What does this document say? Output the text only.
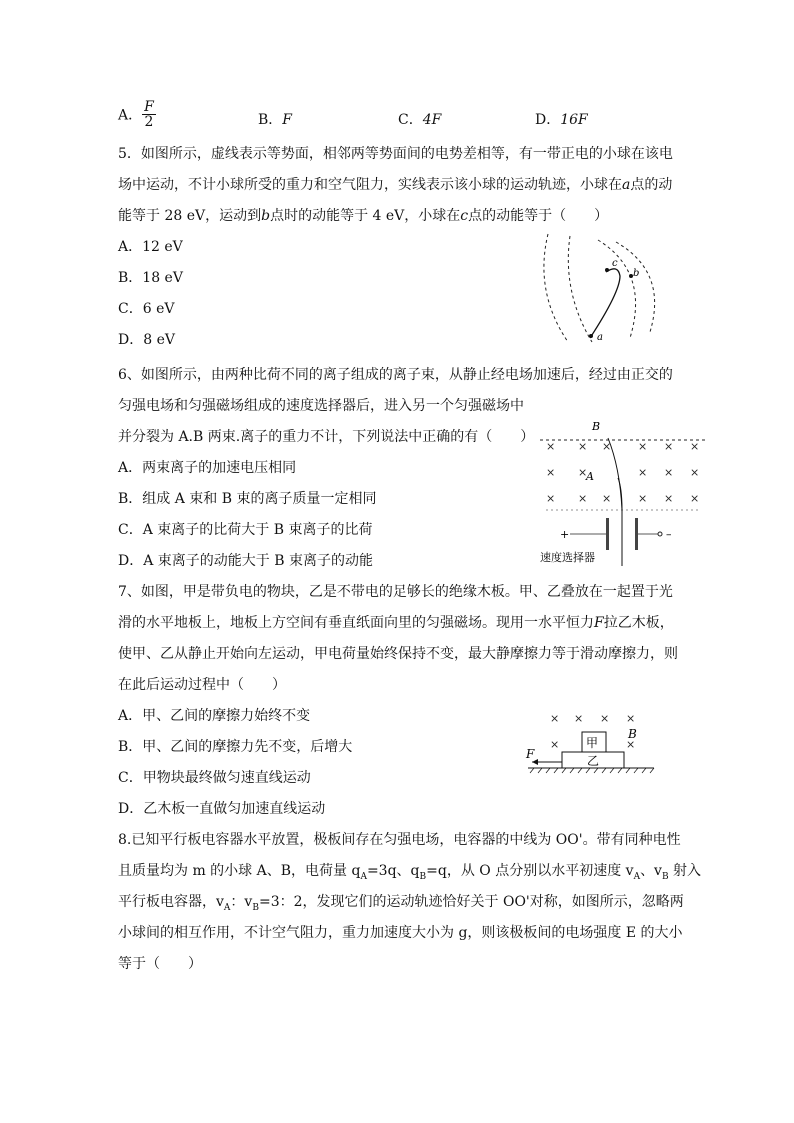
A． $\frac{F}{2}$	B．F	C．4F	D．16F
5．如图所示，虚线表示等势面，相邻两等势面间的电势差相等，有一带正电的小球在该电
场中运动，不计小球所受的重力和空气阻力，实线表示该小球的运动轨迹，小球在a点的动
能等于 28 eV，运动到b点时的动能等于 4 eV，小球在c点的动能等于（　　）
A．12 eV
B．18 eV
C．6 eV
D．8 eV	a
b
c
6、如图所示，由两种比荷不同的离子组成的离子束，从静止经电场加速后，经过由正交的
匀强电场和匀强磁场组成的速度选择器后，进入另一个匀强磁场中
并分裂为 A.B 两束.离子的重力不计，下列说法中正确的有（　　）
A．两束离子的加速电压相同
B．组成 A 束和 B 束的离子质量一定相同
C．A 束离子的比荷大于 B 束离子的比荷
D．A 束离子的动能大于 B 束离子的动能
B
× × × × × ×
× ×	× × ×
× × × × × ×
A
+	–
速度选择器
7、如图，甲是带负电的物块，乙是不带电的足够长的绝缘木板。甲、乙叠放在一起置于光
滑的水平地板上，地板上方空间有垂直纸面向里的匀强磁场。现用一水平恒力F拉乙木板，
使甲、乙从静止开始向左运动，甲电荷量始终保持不变，最大静摩擦力等于滑动摩擦力，则
在此后运动过程中（　　）
A．甲、乙间的摩擦力始终不变
B．甲、乙间的摩擦力先不变，后增大
C．甲物块最终做匀速直线运动
D．乙木板一直做匀加速直线运动
× × × ×
×	×
B
甲
乙
F
8.已知平行板电容器水平放置，极板间存在匀强电场，电容器的中线为 OO'。带有同种电性
且质量均为 m 的小球 A、B，电荷量 $q_A=3q$、$q_B=q$，从 O 点分别以水平初速度 $v_A$、$v_B$ 射入
平行板电容器，$v_A$：$v_B=3$：2，发现它们的运动轨迹恰好关于 OO'对称，如图所示，忽略两
小球间的相互作用，不计空气阻力，重力加速度大小为 g，则该极板间的电场强度 E 的大小
等于（　　）
